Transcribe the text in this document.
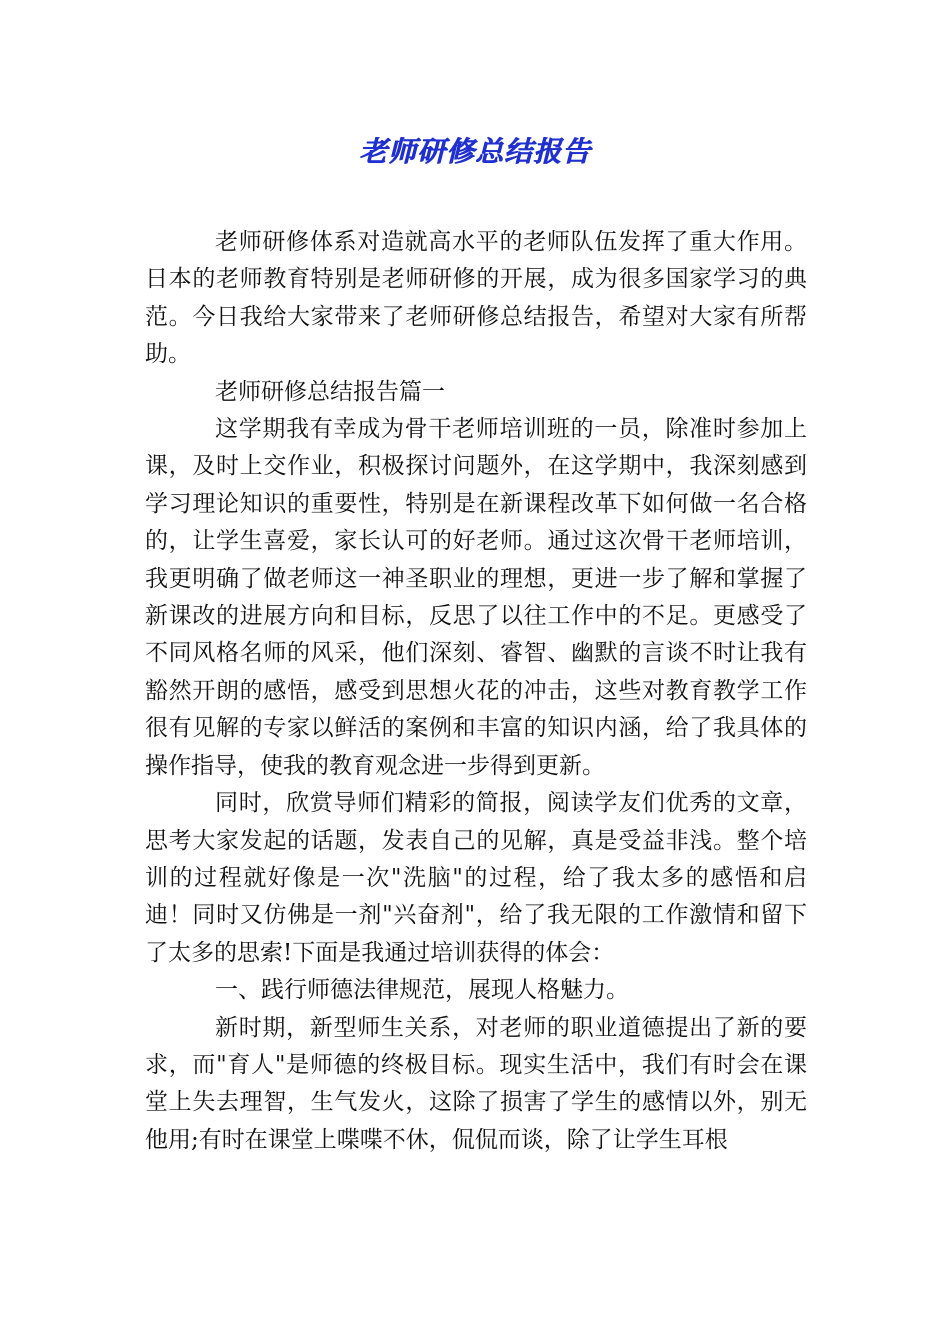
老师研修总结报告

老师研修体系对造就高水平的老师队伍发挥了重大作用。日本的老师教育特别是老师研修的开展，成为很多国家学习的典范。今日我给大家带来了老师研修总结报告，希望对大家有所帮助。

老师研修总结报告篇一

这学期我有幸成为骨干老师培训班的一员，除准时参加上课，及时上交作业，积极探讨问题外，在这学期中，我深刻感到学习理论知识的重要性，特别是在新课程改革下如何做一名合格的，让学生喜爱，家长认可的好老师。通过这次骨干老师培训，我更明确了做老师这一神圣职业的理想，更进一步了解和掌握了新课改的进展方向和目标，反思了以往工作中的不足。更感受了不同风格名师的风采，他们深刻、睿智、幽默的言谈不时让我有豁然开朗的感悟，感受到思想火花的冲击，这些对教育教学工作很有见解的专家以鲜活的案例和丰富的知识内涵，给了我具体的操作指导，使我的教育观念进一步得到更新。

同时，欣赏导师们精彩的简报，阅读学友们优秀的文章，思考大家发起的话题，发表自己的见解，真是受益非浅。整个培训的过程就好像是一次"洗脑"的过程，给了我太多的感悟和启迪！同时又仿佛是一剂"兴奋剂"，给了我无限的工作激情和留下了太多的思索!下面是我通过培训获得的体会：

一、践行师德法律规范，展现人格魅力。

新时期，新型师生关系，对老师的职业道德提出了新的要求，而"育人"是师德的终极目标。现实生活中，我们有时会在课堂上失去理智，生气发火，这除了损害了学生的感情以外，别无他用;有时在课堂上喋喋不休，侃侃而谈，除了让学生耳根
